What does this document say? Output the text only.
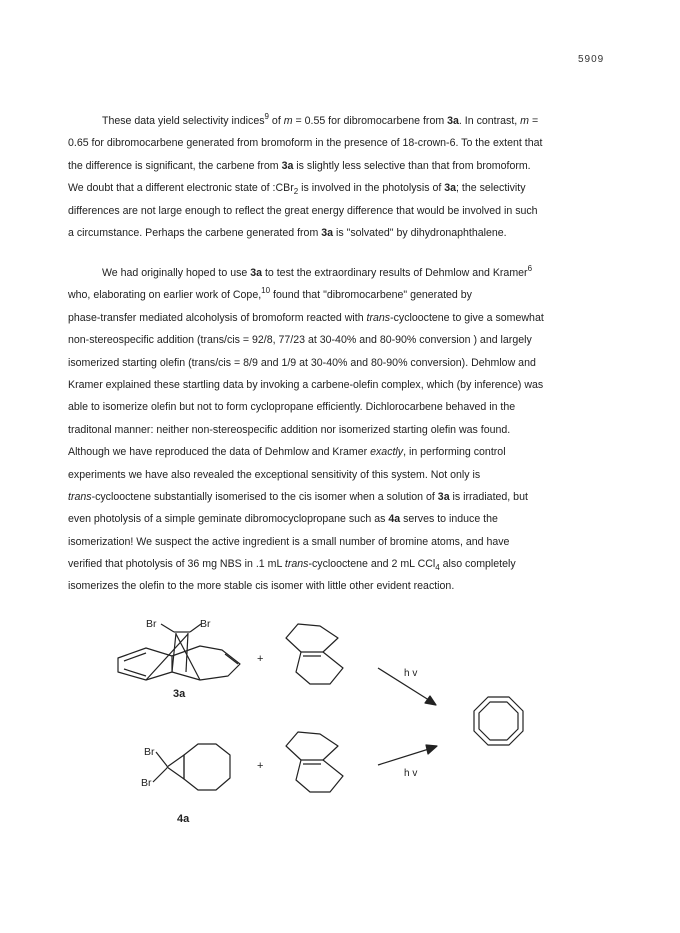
5909
These data yield selectivity indices$^9$ of m = 0.55 for dibromocarbene from 3a. In contrast, m =
0.65 for dibromocarbene generated from bromoform in the presence of 18-crown-6. To the extent that
the difference is significant, the carbene from 3a is slightly less selective than that from bromoform.
We doubt that a different electronic state of :CBr$_2$ is involved in the photolysis of 3a; the selectivity
differences are not large enough to reflect the great energy difference that would be involved in such
a circumstance. Perhaps the carbene generated from 3a is "solvated" by dihydronaphthalene.
We had originally hoped to use 3a to test the extraordinary results of Dehmlow and Kramer$^6$
who, elaborating on earlier work of Cope,$^{10}$ found that "dibromocarbene" generated by
phase-transfer mediated alcoholysis of bromoform reacted with trans-cyclooctene to give a somewhat
non-stereospecific addition (trans/cis = 92/8, 77/23 at 30-40% and 80-90% conversion ) and largely
isomerized starting olefin (trans/cis = 8/9 and 1/9 at 30-40% and 80-90% conversion). Dehmlow and
Kramer explained these startling data by invoking a carbene-olefin complex, which (by inference) was
able to isomerize olefin but not to form cyclopropane efficiently. Dichlorocarbene behaved in the
traditonal manner: neither non-stereospecific addition nor isomerized starting olefin was found.
Although we have reproduced the data of Dehmlow and Kramer exactly, in performing control
experiments we have also revealed the exceptional sensitivity of this system. Not only is
trans-cyclooctene substantially isomerised to the cis isomer when a solution of 3a is irradiated, but
even photolysis of a simple geminate dibromocyclopropane such as 4a serves to induce the
isomerization! We suspect the active ingredient is a small number of bromine atoms, and have
verified that photolysis of 36 mg NBS in .1 mL trans-cyclooctene and 2 mL CCl$_4$ also completely
isomerizes the olefin to the more stable cis isomer with little other evident reaction.
Br	Br
3a
+
h v
Br
Br
4a
+
h v
